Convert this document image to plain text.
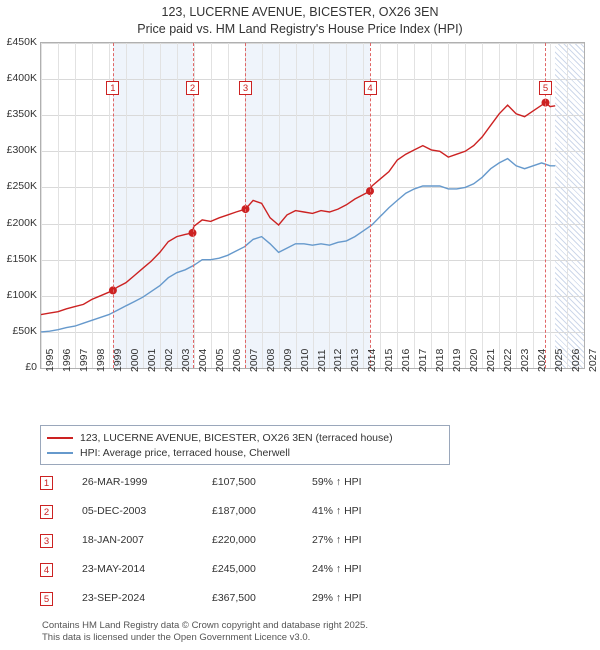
123, LUCERNE AVENUE, BICESTER, OX26 3EN
Price paid vs. HM Land Registry's House Price Index (HPI)
1	2	3	4	5
£0
£50K
£100K
£150K
£200K
£250K
£300K
£350K
£400K
£450K
1995 1996 1997 1998 1999 2000 2001 2002 2003 2004 2005 2006 2007 2008 2009 2010 2011 2012 2013 2014 2015 2016 2017 2018 2019 2020 2021 2022 2023 2024 2025 2026 2027
123, LUCERNE AVENUE, BICESTER, OX26 3EN (terraced house)
HPI: Average price, terraced house, Cherwell
1	26-MAR-1999	£107,500	59% ↑ HPI
2	05-DEC-2003	£187,000	41% ↑ HPI
3	18-JAN-2007	£220,000	27% ↑ HPI
4	23-MAY-2014	£245,000	24% ↑ HPI
5	23-SEP-2024	£367,500	29% ↑ HPI
Contains HM Land Registry data © Crown copyright and database right 2025.
This data is licensed under the Open Government Licence v3.0.
